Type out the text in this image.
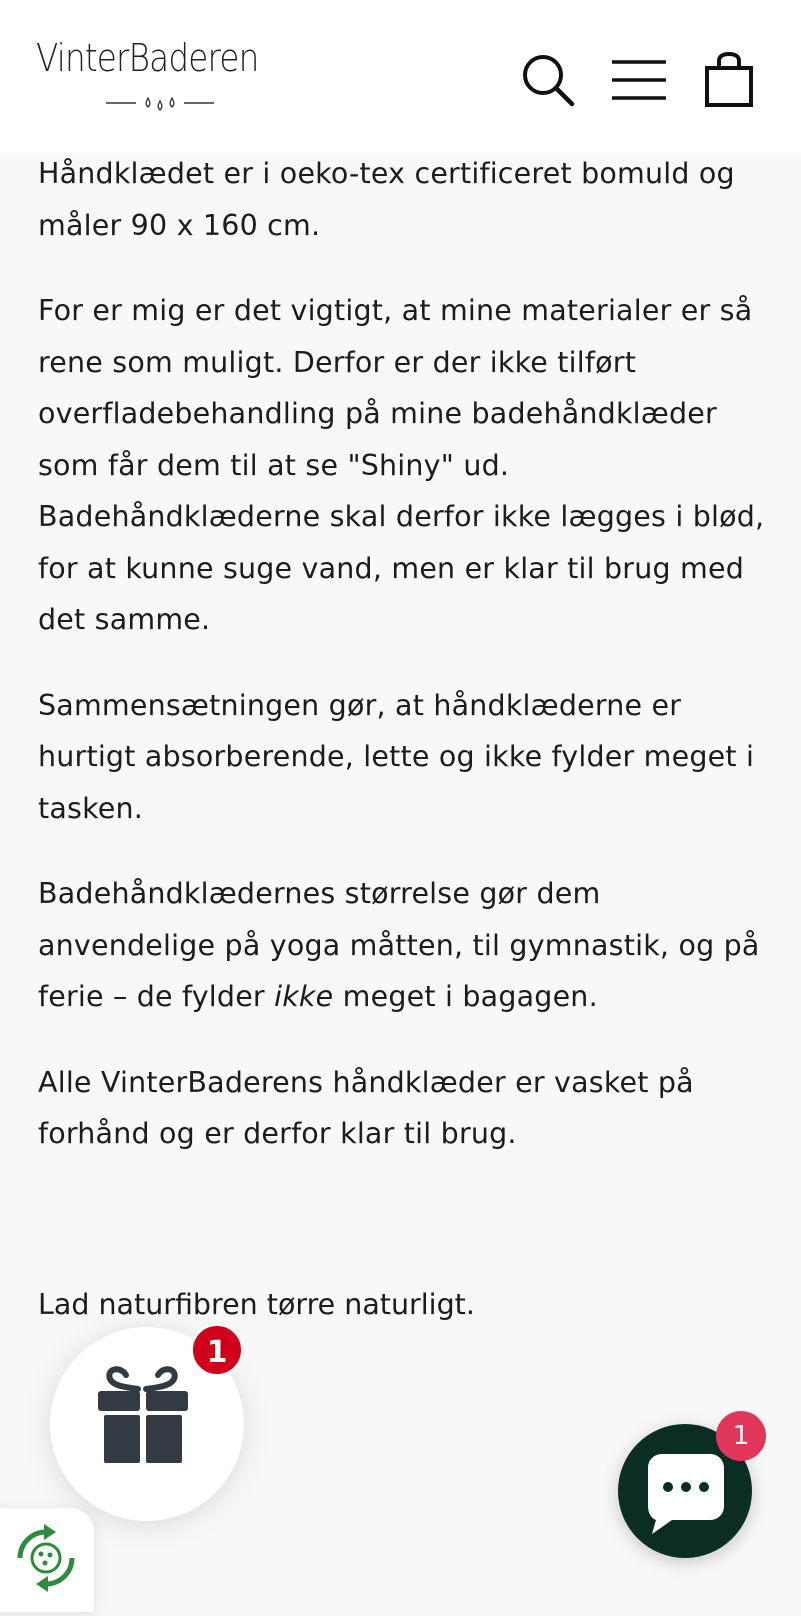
VinterBaderen

Håndklædet er i oeko-tex certificeret bomuld og måler 90 x 160 cm.

For er mig er det vigtigt, at mine materialer er så rene som muligt. Derfor er der ikke tilført overfladebehandling på mine badehåndklæder som får dem til at se "Shiny" ud. Badehåndklæderne skal derfor ikke lægges i blød, for at kunne suge vand, men er klar til brug med det samme.

Sammensætningen gør, at håndklæderne er hurtigt absorberende, lette og ikke fylder meget i tasken.

Badehåndklædernes størrelse gør dem anvendelige på yoga måtten, til gymnastik, og på ferie – de fylder ikke meget i bagagen.

Alle VinterBaderens håndklæder er vasket på forhånd og er derfor klar til brug.

Lad naturfibren tørre naturligt.

1
1
